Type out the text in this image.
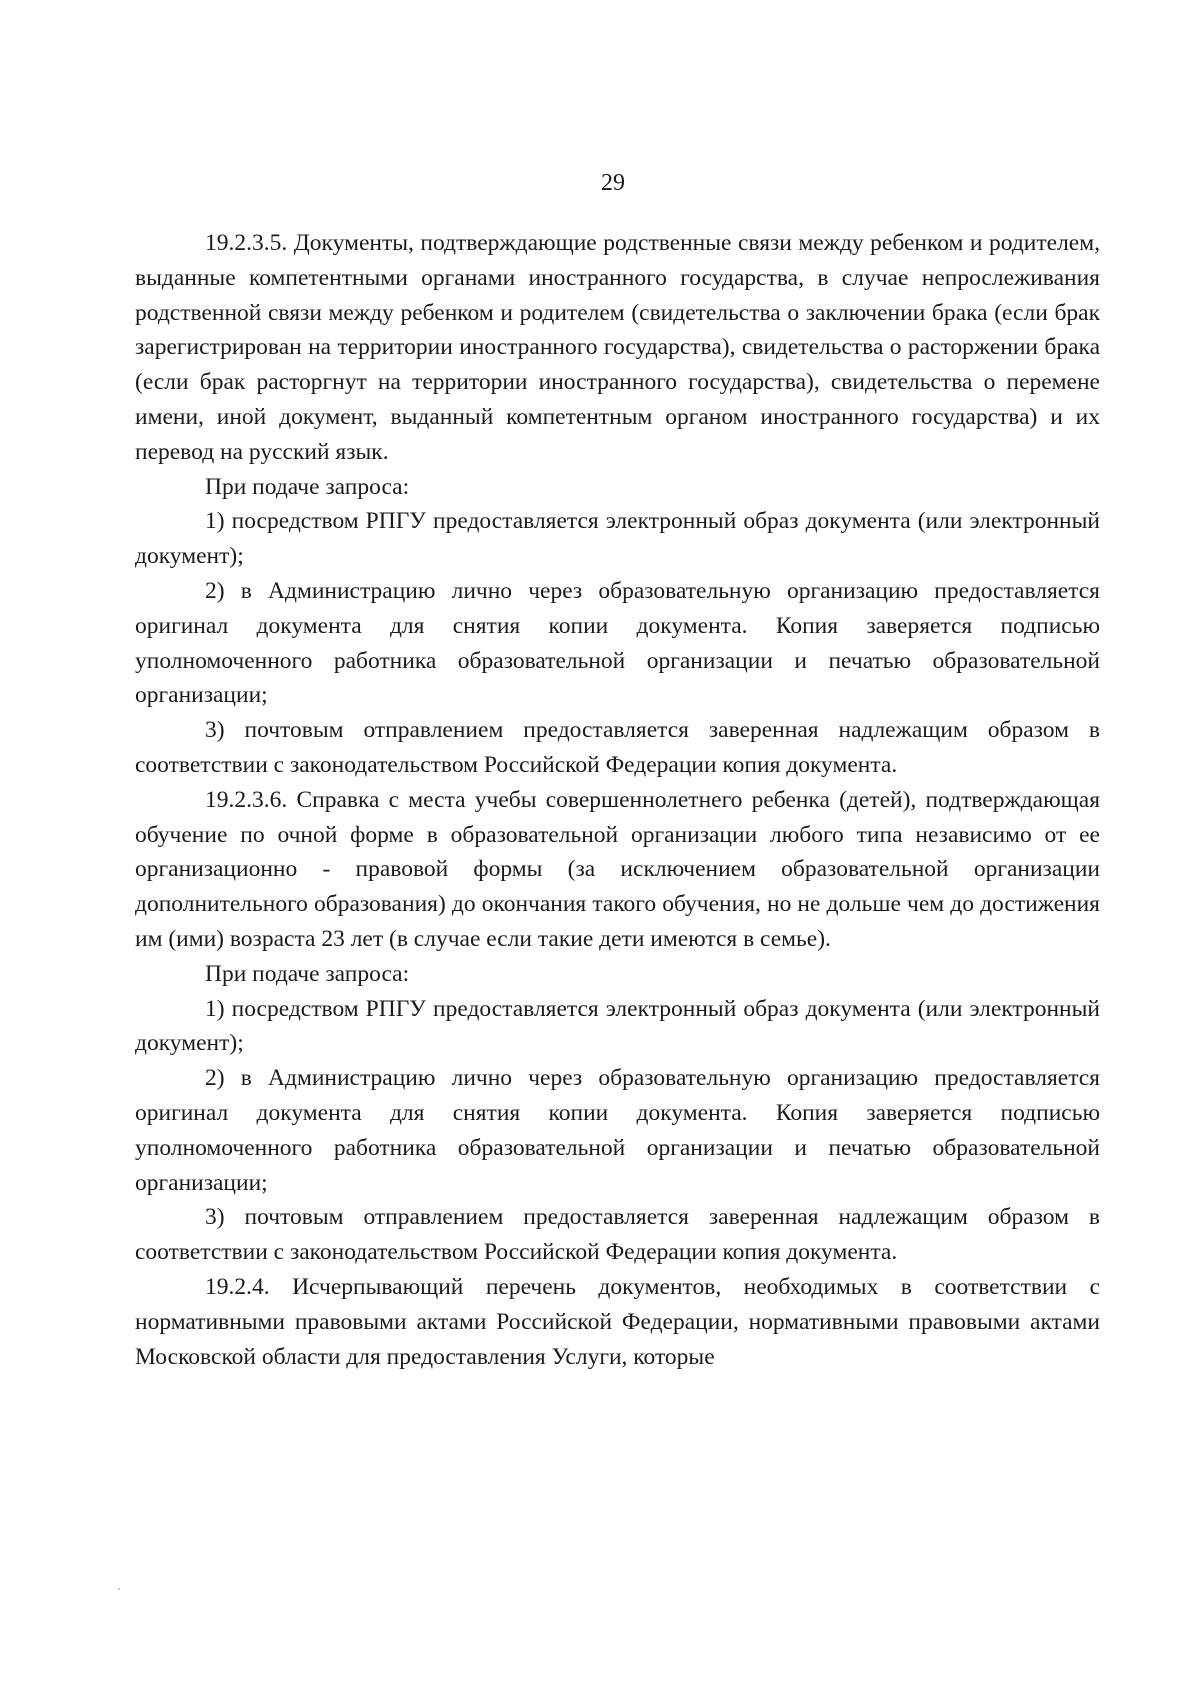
29

19.2.3.5. Документы, подтверждающие родственные связи между ребенком и родителем, выданные компетентными органами иностранного государства, в случае непрослеживания родственной связи между ребенком и родителем (свидетельства о заключении брака (если брак зарегистрирован на территории иностранного государства), свидетельства о расторжении брака (если брак расторгнут на территории иностранного государства), свидетельства о перемене имени, иной документ, выданный компетентным органом иностранного государства) и их перевод на русский язык.

При подаче запроса:

1) посредством РПГУ предоставляется электронный образ документа (или электронный документ);

2) в Администрацию лично через образовательную организацию предоставляется оригинал документа для снятия копии документа. Копия заверяется подписью уполномоченного работника образовательной организации и печатью образовательной организации;

3) почтовым отправлением предоставляется заверенная надлежащим образом в соответствии с законодательством Российской Федерации копия документа.

19.2.3.6. Справка с места учебы совершеннолетнего ребенка (детей), подтверждающая обучение по очной форме в образовательной организации любого типа независимо от ее организационно - правовой формы (за исключением образовательной организации дополнительного образования) до окончания такого обучения, но не дольше чем до достижения им (ими) возраста 23 лет (в случае если такие дети имеются в семье).

При подаче запроса:

1) посредством РПГУ предоставляется электронный образ документа (или электронный документ);

2) в Администрацию лично через образовательную организацию предоставляется оригинал документа для снятия копии документа. Копия заверяется подписью уполномоченного работника образовательной организации и печатью образовательной организации;

3) почтовым отправлением предоставляется заверенная надлежащим образом в соответствии с законодательством Российской Федерации копия документа.

19.2.4. Исчерпывающий перечень документов, необходимых в соответствии с нормативными правовыми актами Российской Федерации, нормативными правовыми актами Московской области для предоставления Услуги, которые
